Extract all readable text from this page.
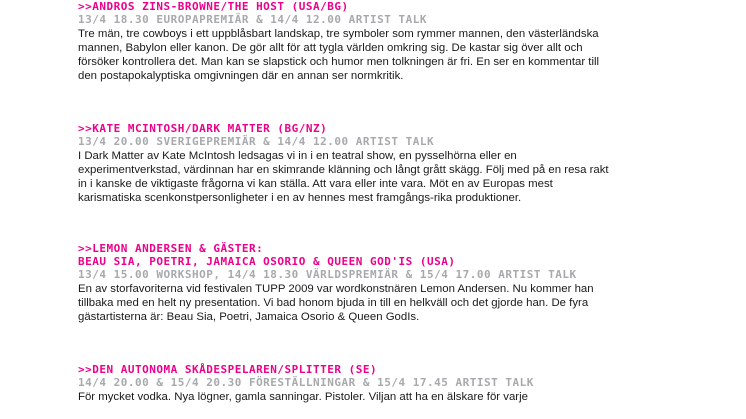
>>ANDROS ZINS-BROWNE/THE HOST (USA/BG)

13/4 18.30 EUROPAPREMIÄR & 14/4 12.00 ARTIST TALK

Tre män, tre cowboys i ett uppblåsbart landskap, tre symboler som rymmer mannen, den västerländska mannen, Babylon eller kanon. De gör allt för att tygla världen omkring sig. De kastar sig över allt och försöker kontrollera det. Man kan se slapstick och humor men tolkningen är fri. En ser en kommentar till den postapokalyptiska omgivningen där en annan ser normkritik.

>>KATE MCINTOSH/DARK MATTER (BG/NZ)

13/4 20.00 SVERIGEPREMIÄR & 14/4 12.00 ARTIST TALK

I Dark Matter av Kate McIntosh ledsagas vi in i en teatral show, en pysselhörna eller en experimentverkstad, värdinnan har en skimrande klänning och långt grått skägg. Följ med på en resa rakt in i kanske de viktigaste frågorna vi kan ställa. Att vara eller inte vara. Möt en av Europas mest karismatiska scenkonstpersonligheter i en av hennes mest framgångs-rika produktioner.

>>LEMON ANDERSEN & GÄSTER:
BEAU SIA, POETRI, JAMAICA OSORIO & QUEEN GOD'IS (USA)

13/4 15.00 WORKSHOP, 14/4 18.30 VÄRLDSPREMIÄR & 15/4 17.00 ARTIST TALK

En av storfavoriterna vid festivalen TUPP 2009 var wordkonstnären Lemon Andersen. Nu kommer han tillbaka med en helt ny presentation. Vi bad honom bjuda in till en helkväll och det gjorde han. De fyra gästartisterna är: Beau Sia, Poetri, Jamaica Osorio & Queen GodIs.

>>DEN AUTONOMA SKÅDESPELAREN/SPLITTER (SE)

14/4 20.00 & 15/4 20.30 FÖRESTÄLLNINGAR & 15/4 17.45 ARTIST TALK

För mycket vodka. Nya lögner, gamla sanningar. Pistoler. Viljan att ha en älskare för varje
